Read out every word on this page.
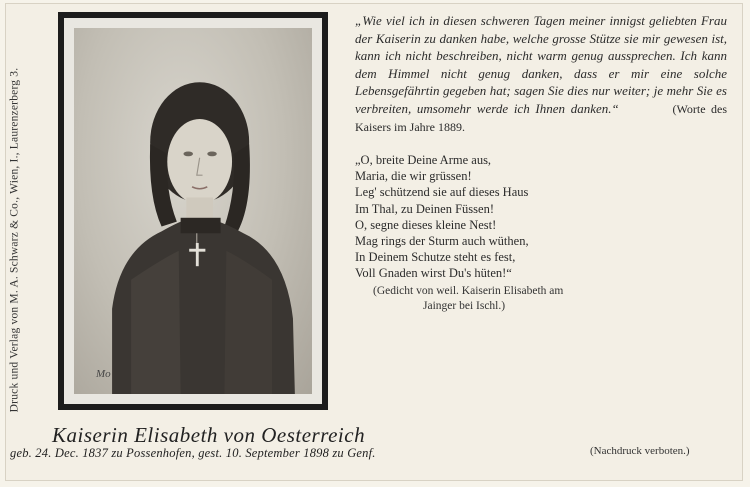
Druck und Verlag von M. A. Schwarz & Co., Wien, I., Laurenzerberg 3.	Mo
Kaiserin Elisabeth von Oesterreich
geb. 24. Dec. 1837 zu Possenhofen, gest. 10. September 1898 zu Genf.	(Nachdruck verboten.)
„Wie viel ich in diesen schweren Tagen meiner innigst geliebten Frau der Kaiserin zu danken habe, welche grosse Stütze sie mir gewesen ist, kann ich nicht beschreiben, nicht warm genug aussprechen. Ich kann dem Himmel nicht genug danken, dass er mir eine solche Lebensgefährtin gegeben hat; sagen Sie dies nur weiter; je mehr Sie es verbreiten, umsomehr werde ich Ihnen danken.“	(Worte des Kaisers im Jahre 1889.
„O, breite Deine Arme aus,
Maria, die wir grüssen!
Leg' schützend sie auf dieses Haus
Im Thal, zu Deinen Füssen!
O, segne dieses kleine Nest!
Mag rings der Sturm auch wüthen,
In Deinem Schutze steht es fest,
Voll Gnaden wirst Du's hüten!“
(Gedicht von weil. Kaiserin Elisabeth am
Jainger bei Ischl.)
